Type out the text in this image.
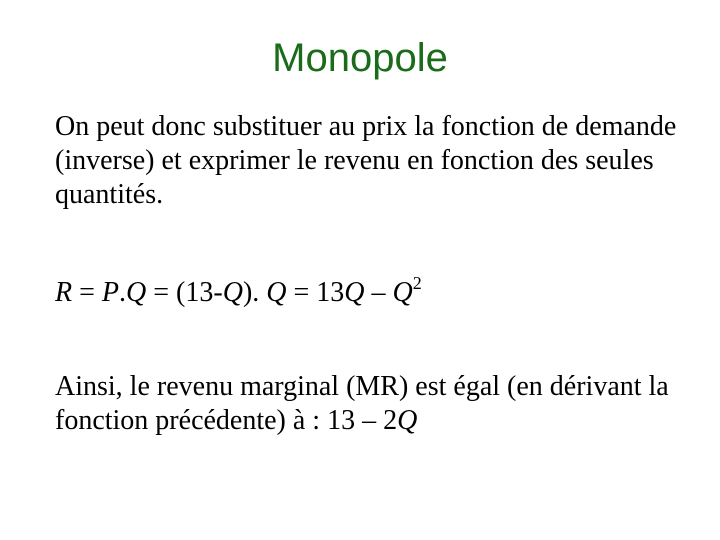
Monopole

On peut donc substituer au prix la fonction de demande (inverse) et exprimer le revenu en fonction des seules quantités.

R = P.Q = (13-Q). $Q = 13Q - Q^2$

Ainsi, le revenu marginal (MR) est égal (en dérivant la fonction précédente) à : 13 – 2Q
